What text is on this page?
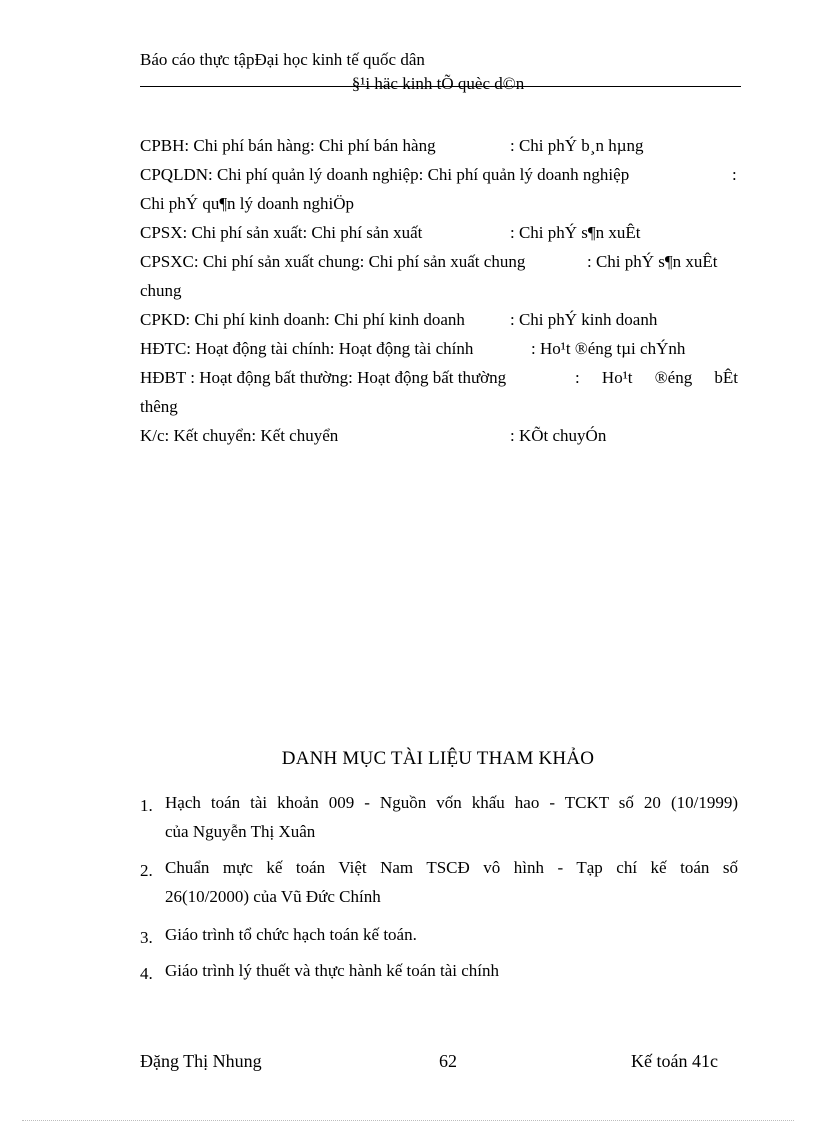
Báo cáo thực tậpĐại học kinh tế quốc dân
§¹i häc kinh tÕ quèc d©n
CPBH: Chi phí bán hàng: Chi phí bán hàng	: Chi phÝ b¸n hµng
CPQLDN: Chi phí quản lý doanh nghiệp: Chi phí quản lý doanh nghiệp	:
Chi phÝ qu¶n lý doanh nghiÖp
CPSX: Chi phí sản xuất: Chi phí sản xuất	: Chi phÝ s¶n xuÊt
CPSXC: Chi phí sản xuất chung: Chi phí sản xuất chung	: Chi phÝ s¶n xuÊt
chung
CPKD: Chi phí kinh doanh: Chi phí kinh doanh	: Chi phÝ kinh doanh
HĐTC: Hoạt động tài chính: Hoạt động tài chính	: Ho¹t ®éng tµi chÝnh
HĐBT : Hoạt động bất thường: Hoạt động bất thường	: Ho¹t ®éng bÊt
thêng
K/c: Kết chuyển: Kết chuyển	: KÕt chuyÓn
DANH MỤC TÀI LIỆU THAM KHẢO
1. Hạch toán tài khoản 009 - Nguồn vốn khấu hao - TCKT số 20 (10/1999)
của Nguyễn Thị Xuân
2. Chuẩn mực kế toán Việt Nam TSCĐ vô hình - Tạp chí kế toán số
26(10/2000) của Vũ Đức Chính
3. Giáo trình tổ chức hạch toán kế toán.
4. Giáo trình lý thuết và thực hành kế toán tài chính
Đặng Thị Nhung	62	Kế toán 41c
